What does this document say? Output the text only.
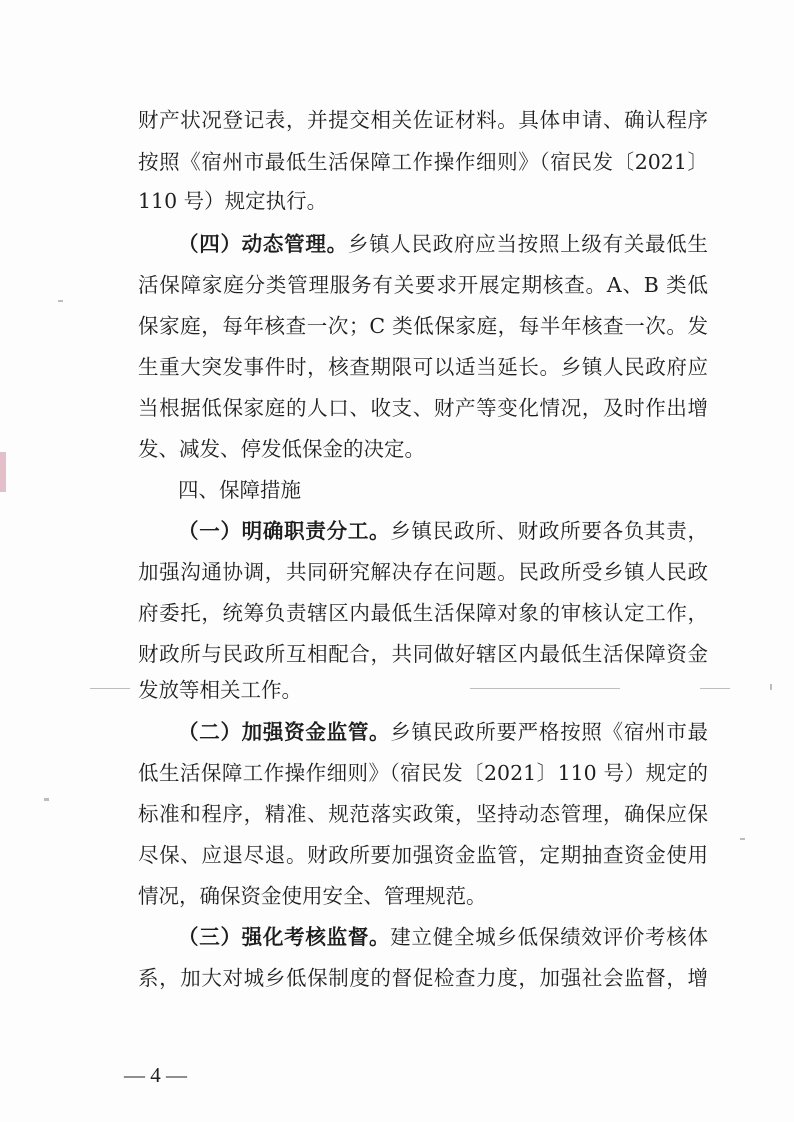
财产状况登记表，并提交相关佐证材料。具体申请、确认程序
按照《宿州市最低生活保障工作操作细则》（宿民发〔2021〕
110 号）规定执行。
（四）动态管理。乡镇人民政府应当按照上级有关最低生
活保障家庭分类管理服务有关要求开展定期核查。A、B 类低
保家庭，每年核查一次；C 类低保家庭，每半年核查一次。发
生重大突发事件时，核查期限可以适当延长。乡镇人民政府应
当根据低保家庭的人口、收支、财产等变化情况，及时作出增
发、减发、停发低保金的决定。
四、保障措施
（一）明确职责分工。乡镇民政所、财政所要各负其责，
加强沟通协调，共同研究解决存在问题。民政所受乡镇人民政
府委托，统筹负责辖区内最低生活保障对象的审核认定工作，
财政所与民政所互相配合，共同做好辖区内最低生活保障资金
发放等相关工作。
（二）加强资金监管。乡镇民政所要严格按照《宿州市最
低生活保障工作操作细则》（宿民发〔2021〕110 号）规定的
标准和程序，精准、规范落实政策，坚持动态管理，确保应保
尽保、应退尽退。财政所要加强资金监管，定期抽查资金使用
情况，确保资金使用安全、管理规范。
（三）强化考核监督。建立健全城乡低保绩效评价考核体
系，加大对城乡低保制度的督促检查力度，加强社会监督，增
— 4 —
